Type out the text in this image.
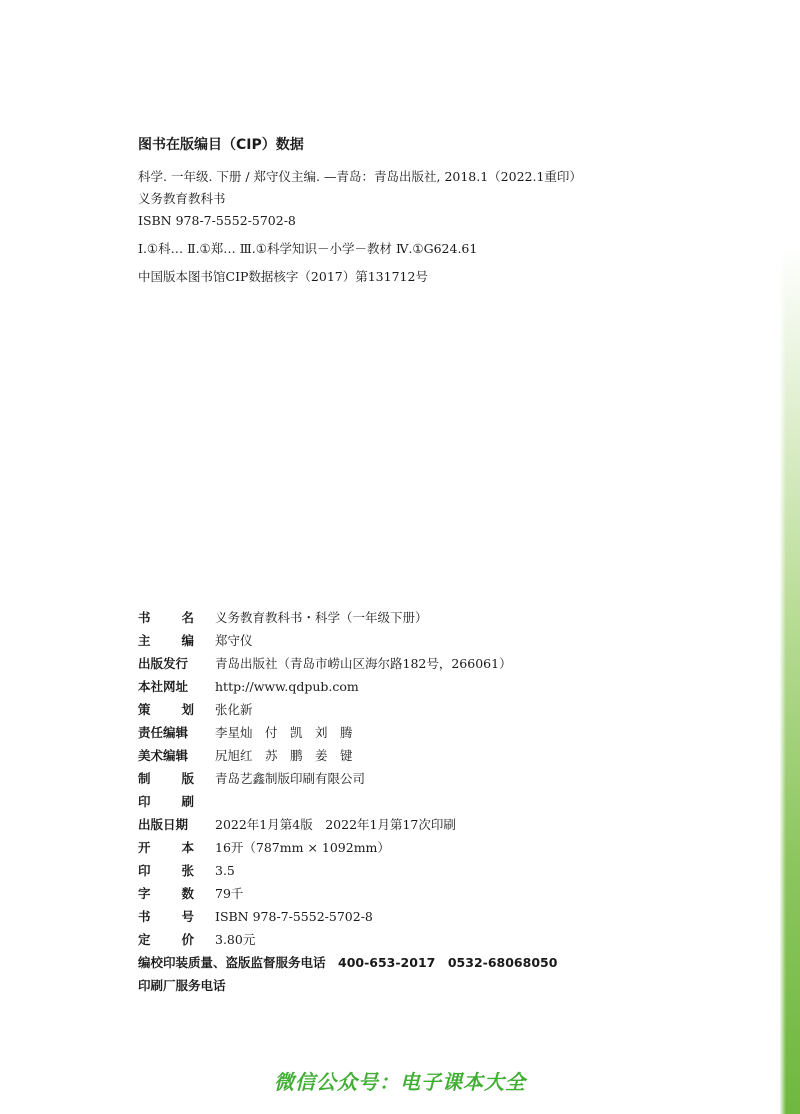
图书在版编目（CIP）数据
科学. 一年级. 下册 / 郑守仪主编. —青岛：青岛出版社, 2018.1（2022.1重印）
义务教育教科书
ISBN 978-7-5552-5702-8
Ⅰ.①科… Ⅱ.①郑… Ⅲ.①科学知识－小学－教材 Ⅳ.①G624.61
中国版本图书馆CIP数据核字（2017）第131712号
书 名 义务教育教科书・科学（一年级下册）
主 编 郑守仪
出版发行 青岛出版社（青岛市崂山区海尔路182号，266061）
本社网址 http://www.qdpub.com
策 划 张化新
责任编辑 李星灿　付　凯　刘　腾
美术编辑 尻旭红　苏　鹏　姜　键
制 版 青岛艺鑫制版印刷有限公司
印 刷
出版日期 2022年1月第4版　2022年1月第17次印刷
开 本 16开（787mm × 1092mm）
印 张 3.5
字 数 79千
书 号 ISBN 978-7-5552-5702-8
定 价 3.80元
编校印装质量、盗版监督服务电话　400-653-2017　0532-68068050
印刷厂服务电话
微信公众号：电子课本大全
